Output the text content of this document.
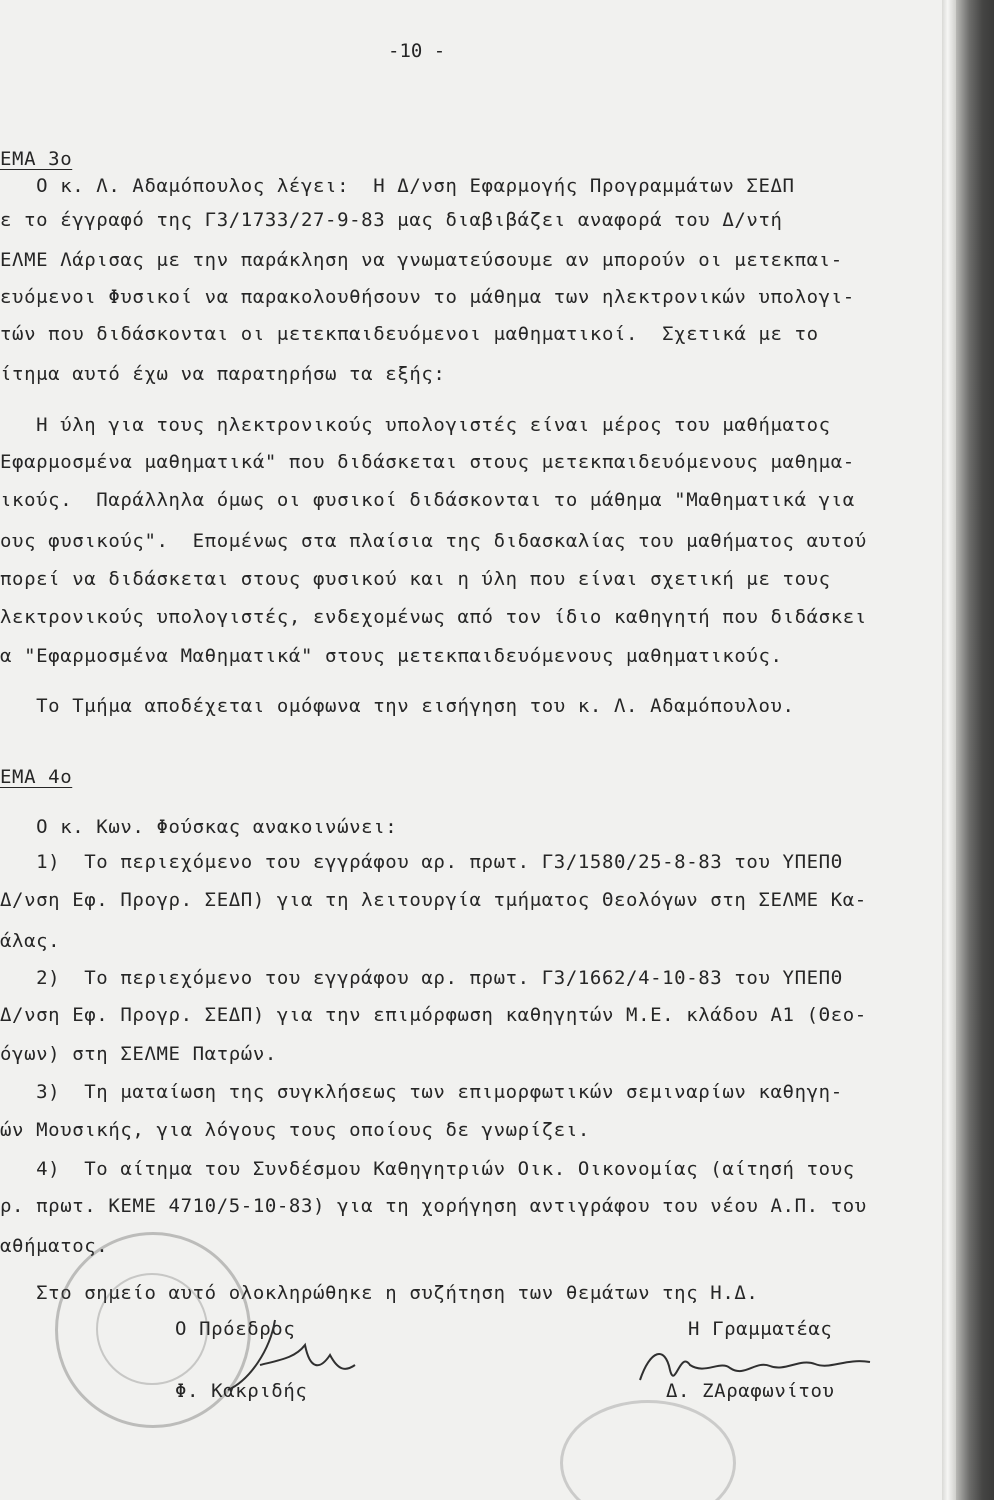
-10 -
ΕΜΑ 3ο
Ο κ. Λ. Αδαμόπουλος λέγει:  Η Δ/νση Εφαρμογής Προγραμμάτων ΣΕΔΠ
ε το έγγραφό της Γ3/1733/27-9-83 μας διαβιβάζει αναφορά του Δ/ντή
ΕΛΜΕ Λάρισας με την παράκληση να γνωματεύσουμε αν μπορούν οι μετεκπαι-
ευόμενοι Φυσικοί να παρακολουθήσουν το μάθημα των ηλεκτρονικών υπολογι-
τών που διδάσκονται οι μετεκπαιδευόμενοι μαθηματικοί.  Σχετικά με το
ίτημα αυτό έχω να παρατηρήσω τα εξής:
Η ύλη για τους ηλεκτρονικούς υπολογιστές είναι μέρος του μαθήματος
Εφαρμοσμένα μαθηματικά" που διδάσκεται στους μετεκπαιδευόμενους μαθημα-
ικούς.  Παράλληλα όμως οι φυσικοί διδάσκονται το μάθημα "Μαθηματικά για
ους φυσικούς".  Επομένως στα πλαίσια της διδασκαλίας του μαθήματος αυτού
πορεί να διδάσκεται στους φυσικού και η ύλη που είναι σχετική με τους
λεκτρονικούς υπολογιστές, ενδεχομένως από τον ίδιο καθηγητή που διδάσκει
α "Εφαρμοσμένα Μαθηματικά" στους μετεκπαιδευόμενους μαθηματικούς.
Το Τμήμα αποδέχεται ομόφωνα την εισήγηση του κ. Λ. Αδαμόπουλου.
ΕΜΑ 4ο
Ο κ. Κων. Φούσκας ανακοινώνει:
1)  Το περιεχόμενο του εγγράφου αρ. πρωτ. Γ3/1580/25-8-83 του ΥΠΕΠΘ
Δ/νση Εφ. Προγρ. ΣΕΔΠ) για τη λειτουργία τμήματος Θεολόγων στη ΣΕΛΜΕ Κα-
άλας.
2)  Το περιεχόμενο του εγγράφου αρ. πρωτ. Γ3/1662/4-10-83 του ΥΠΕΠΘ
Δ/νση Εφ. Προγρ. ΣΕΔΠ) για την επιμόρφωση καθηγητών Μ.Ε. κλάδου Α1 (Θεο-
όγων) στη ΣΕΛΜΕ Πατρών.
3)  Τη ματαίωση της συγκλήσεως των επιμορφωτικών σεμιναρίων καθηγη-
ών Μουσικής, για λόγους τους οποίους δε γνωρίζει.
4)  Το αίτημα του Συνδέσμου Καθηγητριών Οικ. Οικονομίας (αίτησή τους
ρ. πρωτ. ΚΕΜΕ 4710/5-10-83) για τη χορήγηση αντιγράφου του νέου Α.Π. του
αθήματος.
Στο σημείο αυτό ολοκληρώθηκε η συζήτηση των θεμάτων της Η.Δ.
Ο Πρόεδρος
Φ. Κακριδής
Η Γραμματέας
Δ. ΖΑραφωνίτου
